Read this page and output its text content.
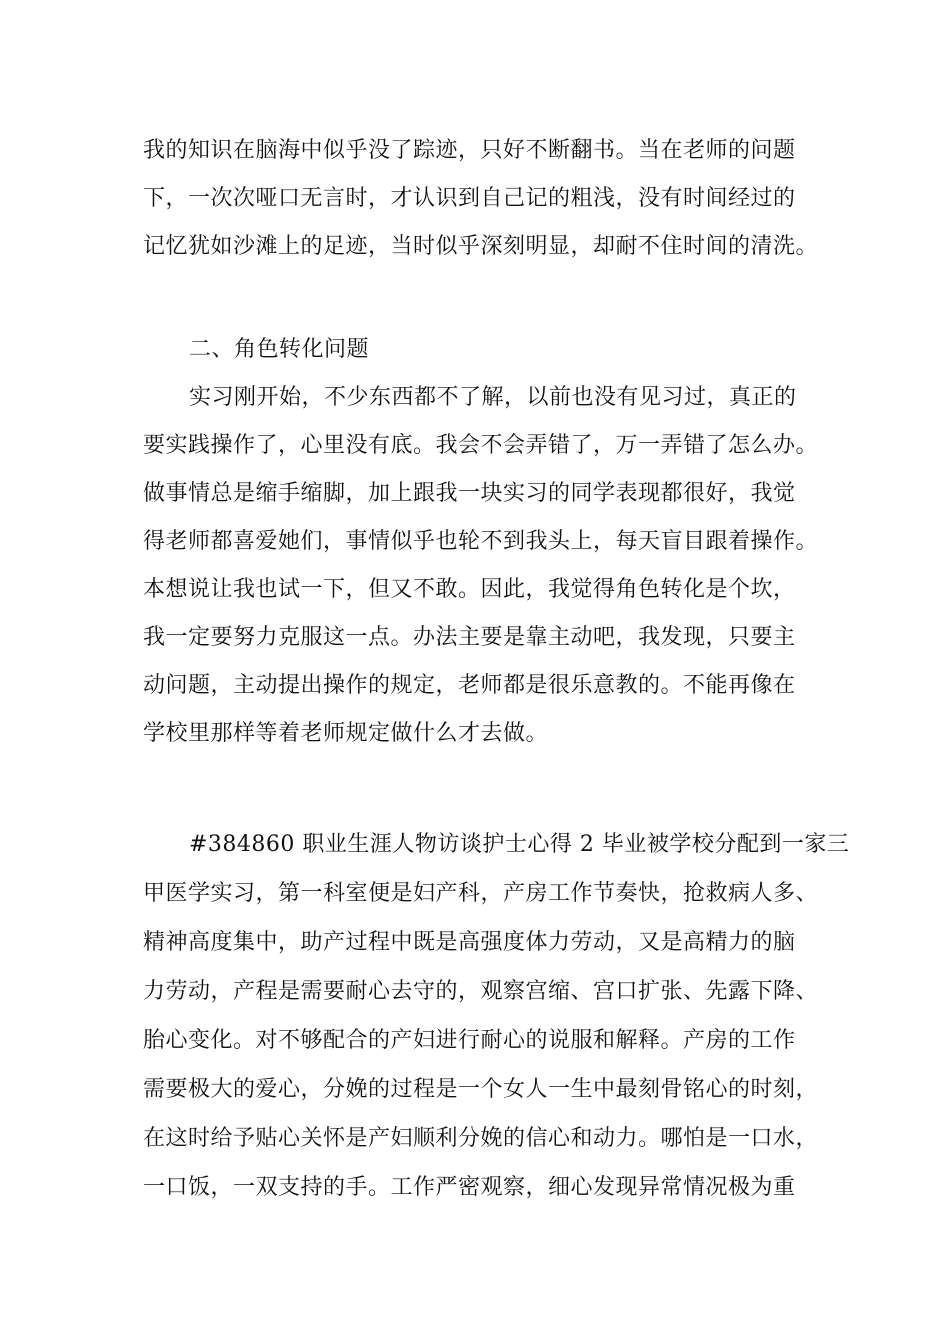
我的知识在脑海中似乎没了踪迹，只好不断翻书。当在老师的问题
下，一次次哑口无言时，才认识到自己记的粗浅，没有时间经过的
记忆犹如沙滩上的足迹，当时似乎深刻明显，却耐不住时间的清洗。
二、角色转化问题
实习刚开始，不少东西都不了解，以前也没有见习过，真正的
要实践操作了，心里没有底。我会不会弄错了，万一弄错了怎么办。
做事情总是缩手缩脚，加上跟我一块实习的同学表现都很好，我觉
得老师都喜爱她们，事情似乎也轮不到我头上，每天盲目跟着操作。
本想说让我也试一下，但又不敢。因此，我觉得角色转化是个坎，
我一定要努力克服这一点。办法主要是靠主动吧，我发现，只要主
动问题，主动提出操作的规定，老师都是很乐意教的。不能再像在
学校里那样等着老师规定做什么才去做。
#384860 职业生涯人物访谈护士心得 2 毕业被学校分配到一家三
甲医学实习，第一科室便是妇产科，产房工作节奏快，抢救病人多、
精神高度集中，助产过程中既是高强度体力劳动，又是高精力的脑
力劳动，产程是需要耐心去守的，观察宫缩、宫口扩张、先露下降、
胎心变化。对不够配合的产妇进行耐心的说服和解释。产房的工作
需要极大的爱心，分娩的过程是一个女人一生中最刻骨铭心的时刻，
在这时给予贴心关怀是产妇顺利分娩的信心和动力。哪怕是一口水，
一口饭，一双支持的手。工作严密观察，细心发现异常情况极为重
